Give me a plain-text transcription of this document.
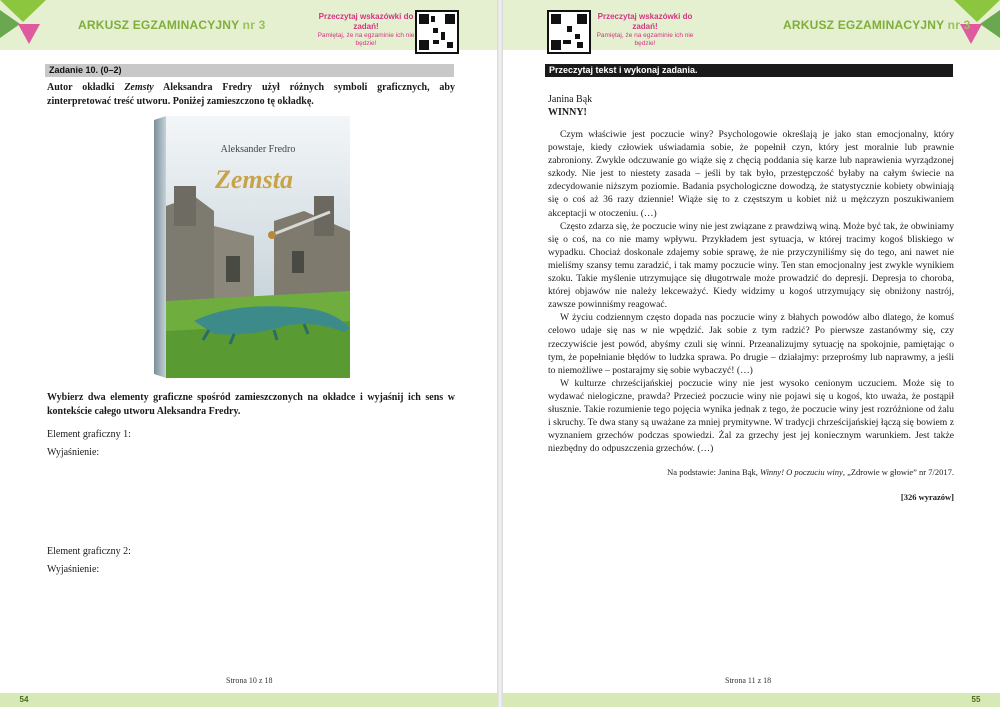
ARKUSZ EGZAMINACYJNY nr 3
Przeczytaj wskazówki do zadań!
Pamiętaj, że na egzaminie ich nie będzie!
Zadanie 10. (0–2)
Autor okładki Zemsty Aleksandra Fredry użył różnych symboli graficznych, aby zinterpretować treść utworu. Poniżej zamieszczono tę okładkę.
Aleksander Fredro
Zemsta
Wybierz dwa elementy graficzne spośród zamieszczonych na okładce i wyjaśnij ich sens w kontekście całego utworu Aleksandra Fredry.
Element graficzny 1:
Wyjaśnienie:
Element graficzny 2:
Wyjaśnienie:
Strona 10 z 18
54
Przeczytaj wskazówki do zadań!
Pamiętaj, że na egzaminie ich nie będzie!
ARKUSZ EGZAMINACYJNY nr 3
Przeczytaj tekst i wykonaj zadania.
Janina Bąk
WINNY!

Czym właściwie jest poczucie winy? Psychologowie określają je jako stan emocjonalny, który powstaje, kiedy człowiek uświadamia sobie, że popełnił czyn, który jest moralnie lub prawnie zabroniony. Zwykle odczuwanie go wiąże się z chęcią poddania się karze lub naprawienia wyrządzonej szkody. Nie jest to niestety zasada – jeśli by tak było, przestępczość byłaby na całym świecie na zdecydowanie niższym poziomie. Badania psychologiczne dowodzą, że statystycznie kobiety obwiniają się o coś aż 36 razy dziennie! Wiąże się to z częstszym u kobiet niż u mężczyzn poszukiwaniem akceptacji w otoczeniu. (…)

Często zdarza się, że poczucie winy nie jest związane z prawdziwą winą. Może być tak, że obwiniamy się o coś, na co nie mamy wpływu. Przykładem jest sytuacja, w której tracimy kogoś bliskiego w wypadku. Chociaż doskonale zdajemy sobie sprawę, że nie przyczyniliśmy się do tego, ani nawet nie mieliśmy szansy temu zaradzić, i tak mamy poczucie winy. Ten stan emocjonalny jest zwykle wynikiem szoku. Takie myślenie utrzymujące się długotrwale może prowadzić do depresji. Depresja to choroba, której objawów nie należy lekceważyć. Kiedy widzimy u kogoś utrzymujący się obniżony nastrój, zawsze powinniśmy reagować.

W życiu codziennym często dopada nas poczucie winy z błahych powodów albo dlatego, że komuś celowo udaje się nas w nie wpędzić. Jak sobie z tym radzić? Po pierwsze zastanówmy się, czy rzeczywiście jest powód, abyśmy czuli się winni. Przeanalizujmy sytuację na spokojnie, pamiętając o tym, że popełnianie błędów to ludzka sprawa. Po drugie – działajmy: przeprośmy lub naprawmy, a jeśli to niemożliwe – postarajmy się sobie wybaczyć! (…)

W kulturze chrześcijańskiej poczucie winy nie jest wysoko cenionym uczuciem. Może się to wydawać nielogiczne, prawda? Przecież poczucie winy nie pojawi się u kogoś, kto uważa, że postąpił słusznie. Takie rozumienie tego pojęcia wynika jednak z tego, że poczucie winy jest rozróżnione od żalu i skruchy. Te dwa stany są uważane za mniej prymitywne. W tradycji chrześcijańskiej łączą się bowiem z wyznaniem grzechów podczas spowiedzi. Żal za grzechy jest jej koniecznym warunkiem. Jest także niezbędny do odpuszczenia grzechów. (…)

Na podstawie: Janina Bąk, Winny! O poczuciu winy, „Zdrowie w głowie” nr 7/2017.
[326 wyrazów]
Strona 11 z 18
55
